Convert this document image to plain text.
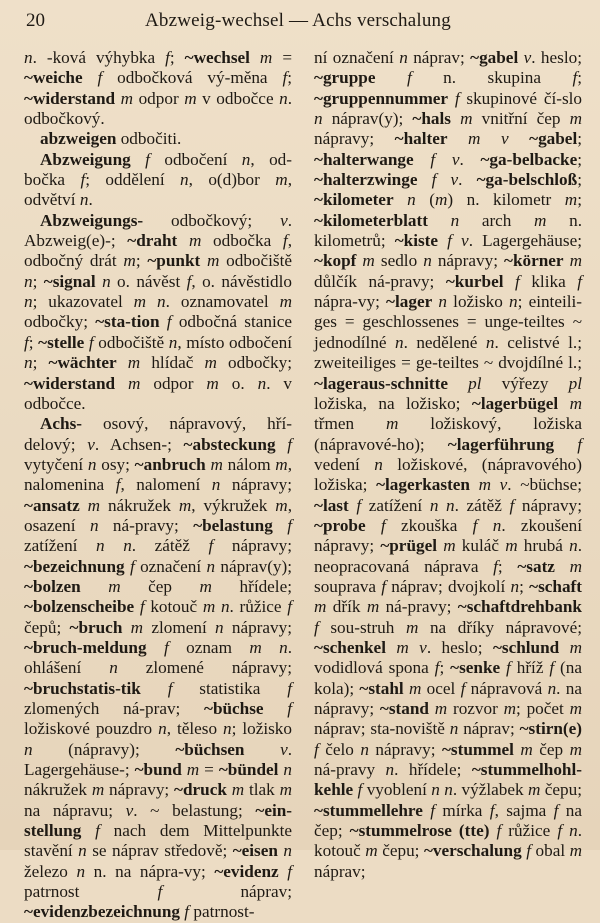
20	Abzweig-wechsel — Achs verschalung

n. -ková výhybka f; ~wechsel m = ~weiche f odbočková vý-měna f; ~widerstand m odpor m v odbočce n. odbočkový.

abzweigen odbočiti.

Abzweigung f odbočení n, od-bočka f; oddělení n, o(d)bor m, odvětví n.

Abzweigungs- odbočkový; v. Abzweig(e)-; ~draht m odbočka f, odbočný drát m; ~punkt m odbočiště n; ~signal n o. návěst f, o. návěstidlo n; ukazovatel m n. oznamovatel m odbočky; ~sta-tion f odbočná stanice f; ~stelle f odbočiště n, místo odbočení n; ~wächter m hlídač m odbočky; ~widerstand m odpor m o. n. v odbočce.

Achs- osový, nápravový, hří-delový; v. Achsen-; ~absteckung f vytyčení n osy; ~anbruch m nálom m, nalomenina f, nalomení n nápravy; ~ansatz m nákružek m, výkružek m, osazení n ná-pravy; ~belastung f zatížení n n. zátěž f nápravy; ~bezeichnung f označení n náprav(y); ~bolzen m čep m hřídele; ~bolzenscheibe f kotouč m n. růžice f čepů; ~bruch m zlomení n nápravy; ~bruch-meldung f oznam m n. ohlášení n zlomené nápravy; ~bruchstatis-tik f statistika f zlomených ná-prav; ~büchse f ložiskové pouzdro n, těleso n; ložisko n (nápravy); ~büchsen v. Lagergehäuse-; ~bund m = ~bündel n nákružek m nápravy; ~druck m tlak m na nápravu; v. ~ belastung; ~ein-stellung f nach dem Mittelpunkte stavění n se náprav středově; ~eisen n železo n n. na nápra-vy; ~evidenz f patrnost f náprav; ~evidenzbezeichnung f patrnost-

ní označení n náprav; ~gabel v. heslo; ~gruppe f n. skupina f; ~gruppennummer f skupinové čí-slo n náprav(y); ~hals m vnitřní čep m nápravy; ~halter m v ~gabel; ~halterwange f v. ~ga-belbacke; ~halterzwinge f v. ~ga-belschloß; ~kilometer n (m) n. kilometr m; ~kilometerblatt n arch m n. kilometrů; ~kiste f v. Lagergehäuse; ~kopf m sedlo n nápravy; ~körner m důlčík ná-pravy; ~kurbel f klika f nápra-vy; ~lager n ložisko n; einteili-ges = geschlossenes = unge-teiltes ~ jednodílné n. nedělené n. celistvé l.; zweiteiliges = ge-teiltes ~ dvojdílné l.; ~lageraus-schnitte pl výřezy pl ložiska, na ložisko; ~lagerbügel m třmen m ložiskový, ložiska (nápravové-ho); ~lagerführung f vedení n ložiskové, (nápravového) ložiska; ~lagerkasten m v. ~büchse; ~last f zatížení n n. zátěž f nápravy; ~probe f zkouška f n. zkoušení nápravy; ~prügel m kuláč m hrubá n. neopracovaná náprava f; ~satz m soupravа f náprav; dvojkolí n; ~schaft m dřík m ná-pravy; ~schaftdrehbank f sou-struh m na dříky nápravové; ~schenkel m v. heslo; ~schlund m vodidlová spona f; ~senke f hříž f (na kola); ~stahl m ocel f nápravová n. na nápravy; ~stand m rozvor m; počet m náprav; sta-noviště n náprav; ~stirn(e) f čelo n nápravy; ~stummel m čep m ná-pravy n. hřídele; ~stummelhohl-kehle f vyoblení n n. výžlabek m čepu; ~stummellehre f mírka f, sajma f na čep; ~stummelrose (tte) f růžice f n. kotouč m čepu; ~verschalung f obal m náprav;
